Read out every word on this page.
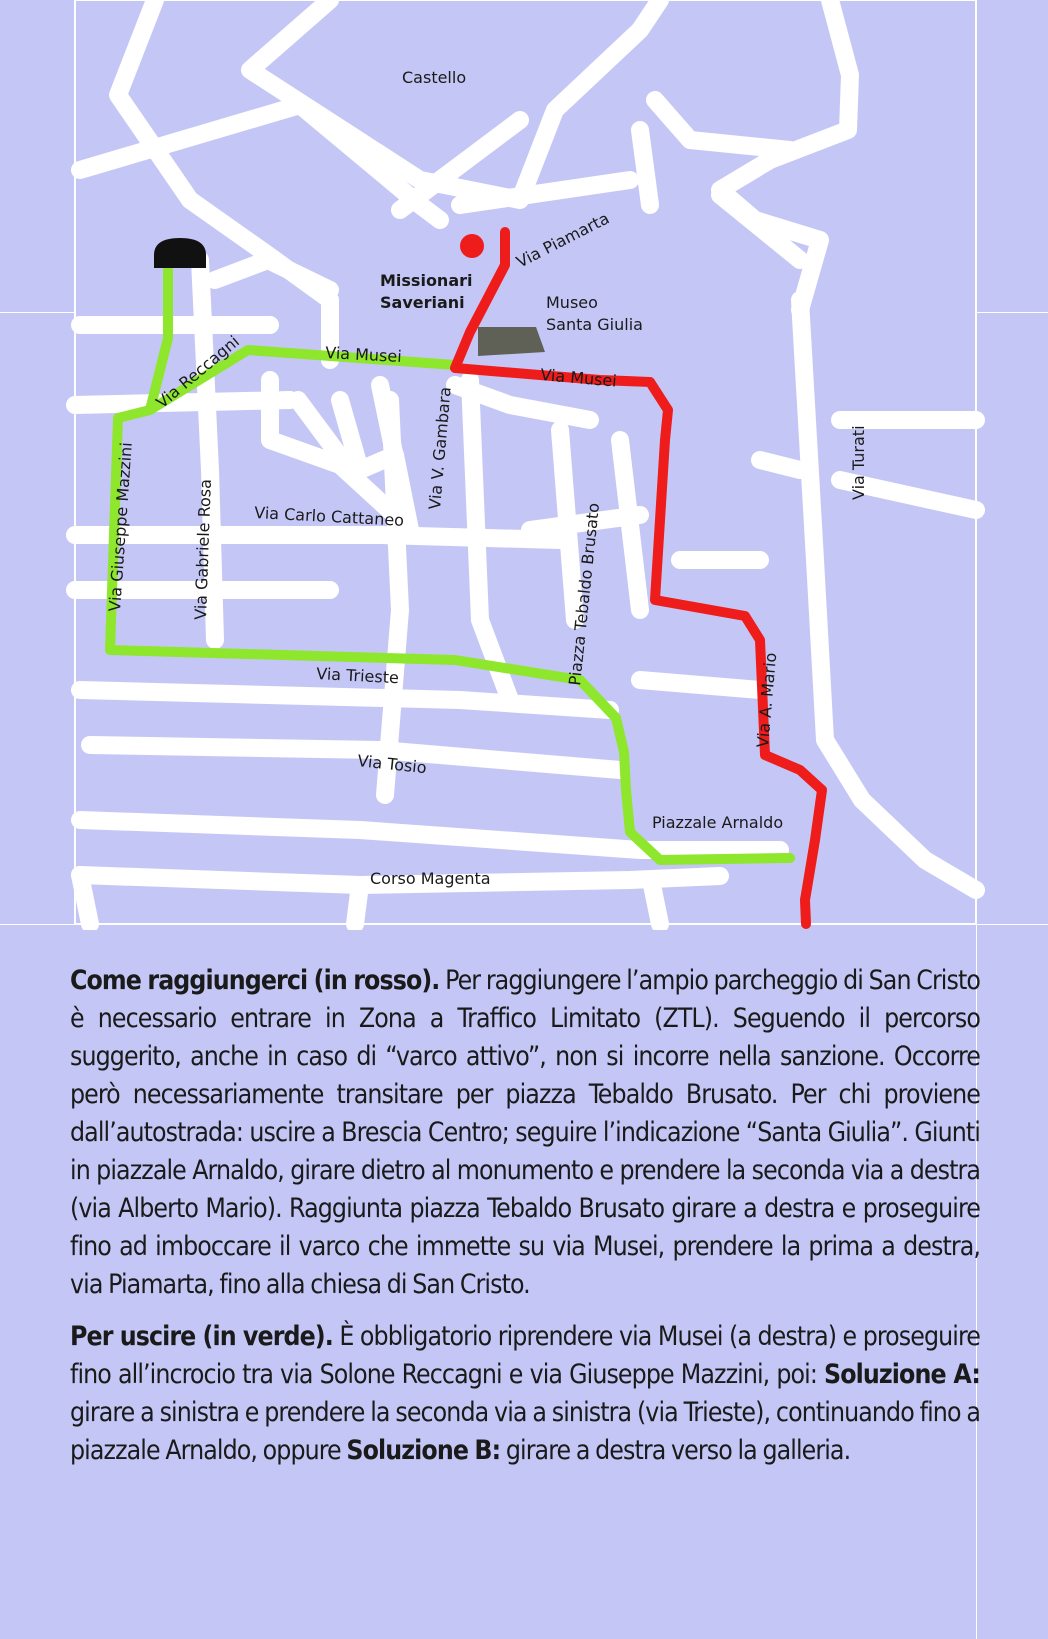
Castello
Via Piamarta
Missionari
Saveriani	Museo
Santa Giulia
Via Musei
Via Musei
Via Reccagni
Via V. Gambara	Via Turati
Via Carlo Cattaneo
Via Gabriele Rosa
Via Giuseppe Mazzini	Piazza Tebaldo Brusato
Via A. Mario
Via Trieste
Via Tosio
Piazzale Arnaldo
Corso Magenta

Come raggiungerci (in rosso). Per raggiungere l’ampio parcheggio di San Cristo è necessario entrare in Zona a Traffico Limitato (ZTL). Seguendo il percorso suggerito, anche in caso di “varco attivo”, non si incorre nella sanzione. Occorre però necessariamente transitare per piazza Tebaldo Brusato. Per chi proviene dall’autostrada: uscire a Brescia Centro; seguire l’indicazione “Santa Giulia”. Giunti in piazzale Arnaldo, girare dietro al monumento e prendere la seconda via a destra (via Alberto Mario). Raggiunta piazza Tebaldo Brusato girare a destra e proseguire fino ad imboccare il varco che immette su via Musei, prendere la prima a destra, via Piamarta, fino alla chiesa di San Cristo.

Per uscire (in verde). È obbligatorio riprendere via Musei (a destra) e proseguire fino all’incrocio tra via Solone Reccagni e via Giuseppe Mazzini, poi: Soluzione A: girare a sinistra e prendere la seconda via a sinistra (via Trieste), continuando fino a piazzale Arnaldo, oppure Soluzione B: girare a destra verso la galleria.
